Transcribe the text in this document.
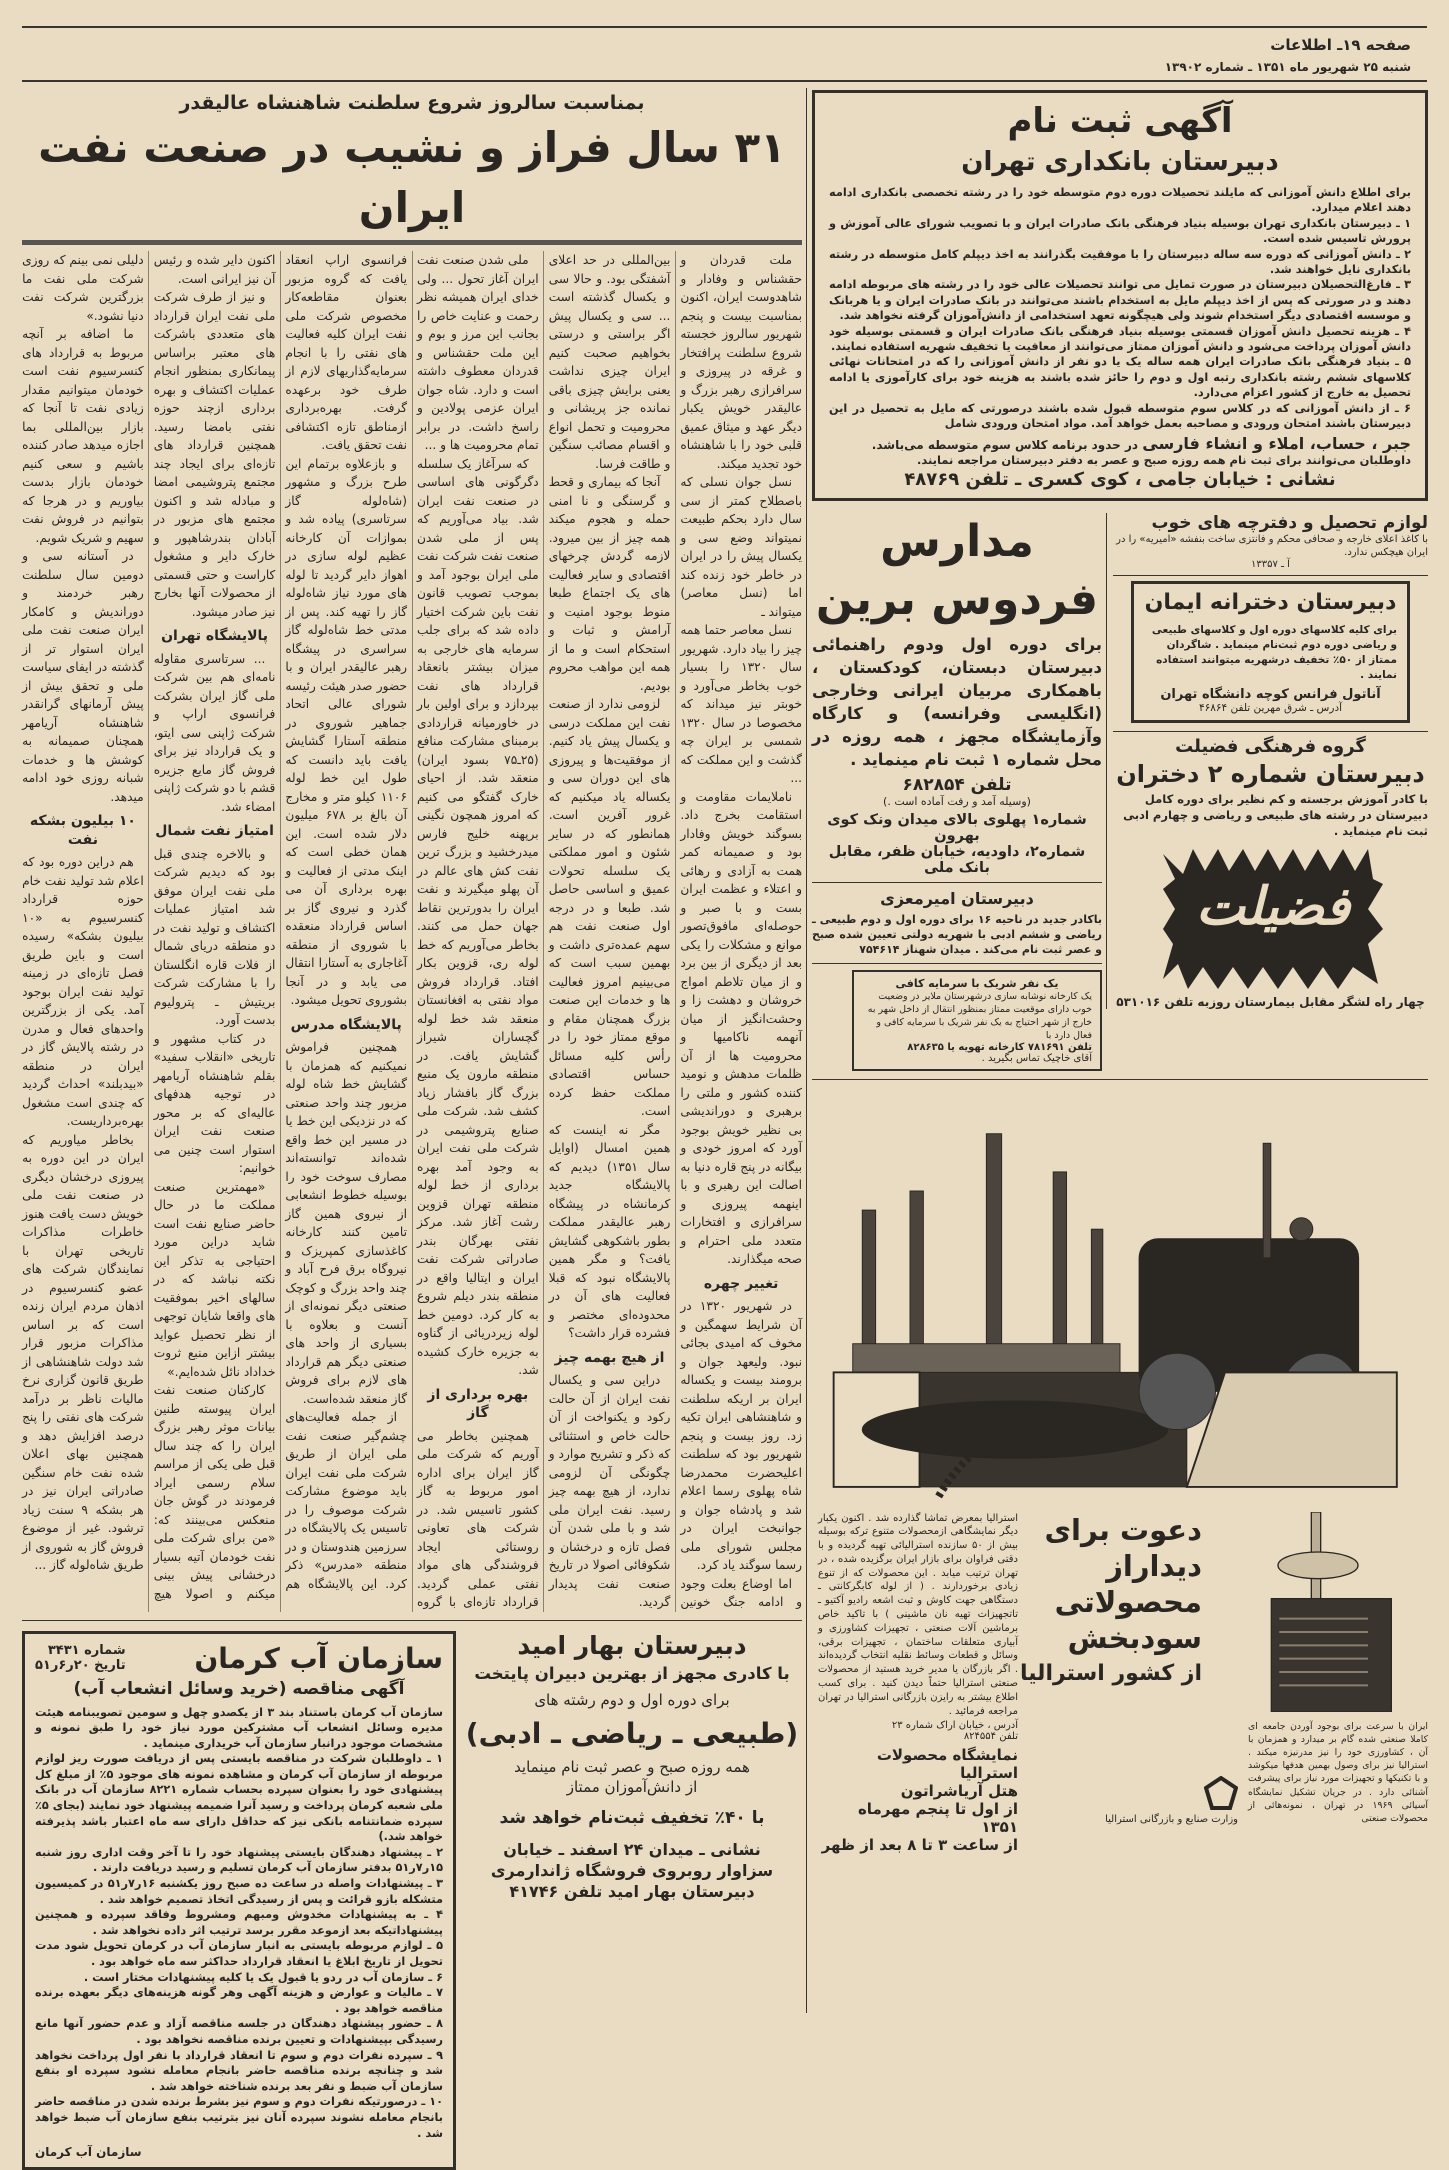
صفحه ۱۹ـ اطلاعات
شنبه ۲۵ شهریور ماه ۱۳۵۱ ـ شماره ۱۳۹۰۲
بمناسبت سالروز شروع سلطنت شاهنشاه عالیقدر
۳۱ سال فراز و نشیب در صنعت نفت ایران

ملت قدردان و حقشناس و وفادار و شاهدوست ایران، اکنون بمناسبت بیست و پنجم شهریور سالروز خجسته شروع سلطنت پرافتخار و غرقه در پیروزی و سرافرازی رهبر بزرگ و عالیقدر خویش یکبار دیگر عهد و میثاق عمیق قلبی خود را با شاهنشاه خود تجدید میکند.

نسل جوان نسلی که باصطلاح کمتر از سی سال دارد بحکم طبیعت نمیتواند وضع سی و یکسال پیش را در ایران در خاطر خود زنده کند اما (نسل معاصر) میتواند ـ

نسل معاصر حتما همه چیز را بیاد دارد. شهریور سال ۱۳۲۰ را بسیار خوب بخاطر می‌آورد و خوبتر نیز میداند که مخصوصا در سال ۱۳۲۰ شمسی بر ایران چه گذشت و این مملکت که ...

ناملایمات مقاومت و استقامت بخرج داد. بسوگند خویش وفادار بود و صمیمانه کمر همت به آزادی و رهائی و اعتلاء و عظمت ایران بست و با صبر و حوصله‌ای مافوق‌تصور موانع و مشکلات را یکی بعد از دیگری از بین برد و از میان تلاطم امواج خروشان و دهشت زا و وحشت‌انگیز از میان آنهمه ناکامیها و محرومیت ها از آن ظلمات مدهش و نومید کننده کشور و ملتی را برهبری و دوراندیشی بی نظیر خویش بوجود آورد که امروز خودی و بیگانه در پنج قاره دنیا به اصالت این رهبری و با اینهمه پیروزی و سرافرازی و افتخارات متعدد ملی احترام و صحه میگذارند.

تغییر چهره

در شهریور ۱۳۲۰ در آن شرایط سهمگین و مخوف که امیدی بجائی نبود. ولیعهد جوان و برومند بیست و یکساله ایران بر اریکه سلطنت و شاهنشاهی ایران تکیه زد. روز بیست و پنجم شهریور بود که سلطنت اعلیحضرت محمدرضا شاه پهلوی رسما اعلام شد و پادشاه جوان و جوانبخت ایران در مجلس شورای ملی رسما سوگند یاد کرد.

اما اوضاع بعلت وجود و ادامه جنگ خونین بین‌المللی در حد اعلای آشفتگی بود. و حالا سی و یکسال گذشته است ... سی و یکسال پیش اگر براستی و درستی بخواهیم صحبت کنیم ایران چیزی نداشت یعنی برایش چیزی باقی نمانده جز پریشانی و محرومیت و تحمل انواع و اقسام مصائب سنگین و طاقت فرسا.

آنجا که بیماری و قحط و گرسنگی و نا امنی حمله و هجوم میکند همه چیز از بین میرود. لازمه گردش چرخهای اقتصادی و سایر فعالیت های یک اجتماع طبعا منوط بوجود امنیت و آرامش و ثبات و استحکام است و ما از همه این مواهب محروم بودیم.

لزومی ندارد از صنعت نفت این مملکت درسی و یکسال پیش یاد کنیم. از موفقیت‌ها و پیروزی های این دوران سی و یکساله یاد میکنیم که غرور آفرین است. همانطور که در سایر شئون و امور مملکتی یک سلسله تحولات عمیق و اساسی حاصل شد. طبعا و در درجه اول صنعت نفت هم سهم عمده‌تری داشت و بهمین سبب است که می‌بینیم امروز فعالیت ها و خدمات این صنعت بزرگ همچنان مقام و موقع ممتاز خود را در رأس کلیه مسائل حساس اقتصادی مملکت حفظ کرده است.

مگر نه اینست که همین امسال (اوایل سال ۱۳۵۱) دیدیم که پالایشگاه جدید کرمانشاه در پیشگاه رهبر عالیقدر مملکت بطور باشکوهی گشایش یافت؟ و مگر همین پالایشگاه نبود که قبلا فعالیت های آن در محدوده‌ای مختصر و فشرده قرار داشت؟

از هیچ بهمه چیز

دراین سی و یکسال نفت ایران از آن حالت رکود و یکنواخت از آن حالت خاص و استثنائی که ذکر و تشریح موارد و چگونگی آن لزومی ندارد، از هیچ بهمه چیز رسید. نفت ایران ملی شد و با ملی شدن آن فصل تازه و درخشان و شکوفائی اصولا در تاریخ صنعت نفت پدیدار گردید.

ملی شدن صنعت نفت ایران آغاز تحول ... ولی خدای ایران همیشه نظر رحمت و عنایت خاص را بجانب این مرز و بوم و این ملت حقشناس و قدردان معطوف داشته است و دارد. شاه جوان ایران عزمی پولادین و راسخ داشت. در برابر تمام محرومیت ها و ...

که سرآغاز یک سلسله دگرگونی های اساسی در صنعت نفت ایران شد. بیاد می‌آوریم که پس از ملی شدن صنعت نفت شرکت نفت ملی ایران بوجود آمد و بموجب تصویب قانون نفت باین شرکت اختیار داده شد که برای جلب سرمایه های خارجی به میزان بیشتر بانعقاد قرارداد های نفت بپردازد و برای اولین بار در خاورمیانه قراردادی برمبنای مشارکت منافع (۲۵ـ۷۵ بسود ایران) منعقد شد. از احیای خارک گفتگو می کنیم که امروز همچون نگینی برپهنه خلیج فارس میدرخشید و بزرگ ترین نفت کش های عالم در آن پهلو میگیرند و نفت ایران را بدورترین نقاط جهان حمل می کنند. بخاطر می‌آوریم که خط لوله ری، قزوین بکار افتاد. قرارداد فروش مواد نفتی به افغانستان منعقد شد خط لوله گچساران شیراز گشایش یافت. در منطقه مارون یک منبع بزرگ گاز بافشار زیاد کشف شد. شرکت ملی صنایع پتروشیمی در شرکت ملی نفت ایران به وجود آمد بهره برداری از خط لوله منطقه تهران قزوین رشت آغاز شد. مرکز نفتی بهرگان بندر صادراتی شرکت نفت ایران و ایتالیا واقع در منطقه بندر دیلم شروع به کار کرد. دومین خط لوله زیردریائی از گناوه به جزیره خارک کشیده شد.

بهره برداری از گاز

همچنین بخاطر می آوریم که شرکت ملی گاز ایران برای اداره امور مربوط به گاز کشور تاسیس شد. در شرکت های تعاونی روستائی ایجاد فروشندگی های مواد نفتی عملی گردید. قرارداد تازه‌ای با گروه فرانسوی اراپ انعقاد یافت که گروه مزبور بعنوان مقاطعه‌کار مخصوص شرکت ملی نفت ایران کلیه فعالیت های نفتی را با انجام سرمایه‌گذاریهای لازم از طرف خود برعهده گرفت. بهره‌برداری ازمناطق تازه اکتشافی نفت تحقق یافت.

و بازعلاوه برتمام این طرح بزرگ و مشهور (شاه‌لوله گاز سرتاسری) پیاده شد و بموازات آن کارخانه عظیم لوله سازی در اهواز دایر گردید تا لوله های مورد نیاز شاه‌لوله گاز را تهیه کند. پس از مدتی خط شاه‌لوله گاز سراسری در پیشگاه رهبر عالیقدر ایران و با حضور صدر هیئت رئیسه شورای عالی اتحاد جماهیر شوروی در منطقه آستارا گشایش یافت باید دانست که طول این خط لوله ۱۱۰۶ کیلو متر و مخارج آن بالغ بر ۶۷۸ میلیون دلار شده است. این همان خطی است که اینک مدتی از فعالیت و بهره برداری آن می گذرد و نیروی گاز بر اساس قرارداد منعقده با شوروی از منطقه آغاجاری به آستارا انتقال می یابد و در آنجا بشوروی تحویل میشود.

پالایشگاه مدرس

همچنین فراموش نمیکنیم که همزمان با گشایش خط شاه لوله مزبور چند واحد صنعتی که در نزدیکی این خط یا در مسیر این خط واقع شده‌اند توانسته‌اند مصارف سوخت خود را بوسیله خطوط انشعابی از نیروی همین گاز تامین کنند کارخانه کاغذسازی کمپریزک و نیروگاه برق فرح آباد و چند واحد بزرگ و کوچک صنعتی دیگر نمونه‌ای از آنست و بعلاوه با بسیاری از واحد های صنعتی دیگر هم قرارداد های لازم برای فروش گاز منعقد شده‌است.

از جمله فعالیت‌های چشم‌گیر صنعت نفت ملی ایران از طریق شرکت ملی نفت ایران باید موضوع مشارکت شرکت موصوف را در تاسیس یک پالایشگاه در سرزمین هندوستان و در منطقه «مدرس» ذکر کرد. این پالایشگاه هم اکنون دایر شده و رئیس آن نیز ایرانی است.

و نیز از طرف شرکت ملی نفت ایران قرارداد های متعددی باشرکت های معتبر براساس پیمانکاری بمنظور انجام عملیات اکتشاف و بهره برداری ازچند حوزه نفتی بامضا رسید. همچنین قرارداد های تازه‌ای برای ایجاد چند مجتمع پتروشیمی امضا و مبادله شد و اکنون مجتمع های مزبور در آبادان بندرشاهپور و خارک دایر و مشغول کاراست و حتی قسمتی از محصولات آنها بخارج نیز صادر میشود.

پالایشگاه تهران

... سرتاسری مقاوله نامه‌ای هم بین شرکت ملی گاز ایران بشرکت فرانسوی اراپ و شرکت ژاپنی سی ایتو، و یک قرارداد نیز برای فروش گاز مایع جزیره قشم با دو شرکت ژاپنی امضاء شد.

امتیاز نفت شمال

و بالاخره چندی قبل بود که دیدیم شرکت ملی نفت ایران موفق شد امتیاز عملیات اکتشاف و تولید نفت در دو منطقه دریای شمال از فلات قاره انگلستان را با مشارکت شرکت بریتیش ـ پترولیوم بدست آورد.

در کتاب مشهور و تاریخی «انقلاب سفید» بقلم شاهنشاه آریامهر در توجیه هدفهای عالیه‌ای که بر محور صنعت نفت ایران استوار است چنین می خوانیم:

«مهمترین صنعت مملکت ما در حال حاضر صنایع نفت است شاید دراین مورد احتیاجی به تذکر این نکته نباشد که در سالهای اخیر بموفقیت های واقعا شایان توجهی از نظر تحصیل عواید بیشتر ازاین منبع ثروت خداداد نائل شده‌ایم.»

کارکنان صنعت نفت ایران پیوسته طنین بیانات موثر رهبر بزرگ ایران را که چند سال قبل طی یکی از مراسم سلام رسمی ایراد فرمودند در گوش جان منعکس می‌بینند که: «من برای شرکت ملی نفت خودمان آتیه بسیار درخشانی پیش بینی میکنم و اصولا هیچ دلیلی نمی بینم که روزی شرکت ملی نفت ما بزرگترین شرکت نفت دنیا نشود.»

ما اضافه بر آنچه مربوط به قرارداد های کنسرسیوم نفت است خودمان میتوانیم مقدار زیادی نفت تا آنجا که بازار بین‌المللی بما اجازه میدهد صادر کننده باشیم و سعی کنیم خودمان بازار بدست بیاوریم و در هرجا که بتوانیم در فروش نفت سهیم و شریک شویم.

در آستانه سی و دومین سال سلطنت رهبر خردمند و دوراندیش و کامکار ایران صنعت نفت ملی ایران استوار تر از گذشته در ایفای سیاست ملی و تحقق بیش از پیش آرمانهای گرانقدر شاهنشاه آریامهر همچنان صمیمانه به کوشش ها و خدمات شبانه روزی خود ادامه میدهد.

۱۰ بیلیون بشکه نفت

هم دراین دوره بود که اعلام شد تولید نفت خام حوزه قرارداد کنسرسیوم به «۱۰ بیلیون بشکه» رسیده است و باین طریق فصل تازه‌ای در زمینه تولید نفت ایران بوجود آمد. یکی از بزرگترین واحدهای فعال و مدرن در رشته پالایش گاز در ایران در منطقه «بیدبلند» احداث گردید که چندی است مشغول بهره‌برداریست.

بخاطر میاوریم که ایران در این دوره به پیروزی درخشان دیگری در صنعت نفت ملی خویش دست یافت هنوز خاطرات مذاکرات تاریخی تهران با نمایندگان شرکت های عضو کنسرسیوم در اذهان مردم ایران زنده است که بر اساس مذاکرات مزبور قرار شد دولت شاهنشاهی از طریق قانون گزاری نرخ مالیات ناظر بر درآمد شرکت های نفتی را پنج درصد افزایش دهد و همچنین بهای اعلان شده نفت خام سنگین صادراتی ایران نیز در هر بشکه ۹ سنت زیاد ترشود. غیر از موضوع فروش گاز به شوروی از طریق شاه‌لوله گاز ...

دبیرستان بهار امید
با کادری مجهز از بهترین دبیران پایتخت
برای دوره اول و دوم رشته های
(طبیعی ـ ریاضی ـ ادبی)
همه روزه صبح و عصر ثبت نام مینماید
از دانش‌آموزان ممتاز
با ۴۰٪ تخفیف ثبت‌نام خواهد شد
نشانی ـ میدان ۲۴ اسفند ـ خیابان
سزاوار روبروی فروشگاه ژاندارمری
دبیرستان بهار امید تلفن ۴۱۷۴۶
سازمان آب کرمان
شماره ۳۴۳۱
تاریخ ۲۰ر۶ر۵۱
آگهی مناقصه (خرید وسائل انشعاب آب)

سازمان آب کرمان باستناد بند ۳ از یکصدو چهل و سومین تصویبنامه هیئت مدیره وسائل انشعاب آب مشترکین مورد نیاز خود را طبق نمونه و مشخصات موجود درانبار سازمان آب خریداری مینماید .

۱ ـ داوطلبان شرکت در مناقصه بایستی پس از دریافت صورت ریز لوازم مربوطه از سازمان آب کرمان و مشاهده نمونه های موجود ۵٪ از مبلغ کل پیشنهادی خود را بعنوان سپرده بحساب شماره ۸۲۲۱ سازمان آب در بانک ملی شعبه کرمان پرداخت و رسید آنرا ضمیمه پیشنهاد خود نمایند (بجای ۵٪ سپرده ضمانتنامه بانکی نیز که حداقل دارای سه ماه اعتبار باشد پذیرفته خواهد شد.)

۲ ـ پیشنهاد دهندگان بایستی پیشنهاد خود را تا آخر وقت اداری روز شنبه ۱۵ر۷ر۵۱ بدفتر سازمان آب کرمان تسلیم و رسید دریافت دارند .

۳ ـ پیشنهادات واصله در ساعت ده صبح روز یکشنبه ۱۶ر۷ر۵۱ در کمیسیون متشکله بازو قرائت و پس از رسیدگی اتخاذ تصمیم خواهد شد .

۴ ـ به پیشنهادات مخدوش ومبهم ومشروط وفاقد سپرده و همچنین پیشنهاداتیکه بعد ازموعد مقرر برسد ترتیب اثر داده نخواهد شد .

۵ ـ لوازم مربوطه بایستی به انبار سازمان آب در کرمان تحویل شود مدت تحویل از تاریخ ابلاغ یا انعقاد قرارداد حداکثر سه ماه خواهد بود .

۶ ـ سازمان آب در ردو یا قبول یک یا کلیه پیشنهادات مختار است .

۷ ـ مالیات و عوارض و هزینه آگهی وهر گونه هزینه‌های دیگر بعهده برنده مناقصه خواهد بود .

۸ ـ حضور پیشنهاد دهندگان در جلسه مناقصه آزاد و عدم حضور آنها مانع رسیدگی بپیشنهادات و تعیین برنده مناقصه نخواهد بود .

۹ ـ سپرده نفرات دوم و سوم تا انعقاد قرارداد با نفر اول پرداخت نخواهد شد و چنانچه برنده مناقصه حاضر بانجام معامله نشود سپرده او بنفع سازمان آب ضبط و نفر بعد برنده شناخته خواهد شد .

۱۰ ـ درصورتیکه نفرات دوم و سوم نیز بشرط برنده شدن در مناقصه حاضر بانجام معامله نشوند سپرده آنان نیز بترتیب بنفع سازمان آب ضبط خواهد شد .

سازمان آب کرمان
آگهی ثبت نام
دبیرستان بانکداری تهران

برای اطلاع دانش آموزانی که مایلند تحصیلات دوره دوم متوسطه خود را در رشته تخصصی بانکداری ادامه دهند اعلام میدارد.

۱ ـ دبیرستان بانکداری تهران بوسیله بنیاد فرهنگی بانک صادرات ایران و با تصویب شورای عالی آموزش و پرورش تاسیس شده است.

۲ ـ دانش آموزانی که دوره سه ساله دبیرستان را با موفقیت بگذرانند به اخذ دیپلم کامل متوسطه در رشته بانکداری نایل خواهند شد.

۳ ـ فارغ‌التحصیلان دبیرستان در صورت تمایل می توانند تحصیلات عالی خود را در رشته های مربوطه ادامه دهند و در صورتی که پس از اخذ دیپلم مایل به استخدام باشند می‌توانند در بانک صادرات ایران و یا هربانک و موسسه اقتصادی دیگر استخدام شوند ولی هیچگونه تعهد استخدامی از دانش‌آموزان گرفته نخواهد شد.

۴ ـ هزینه تحصیل دانش آموزان قسمتی بوسیله بنیاد فرهنگی بانک صادرات ایران و قسمتی بوسیله خود دانش آموزان پرداخت می‌شود و دانش آموزان ممتاز می‌توانند از معافیت یا تخفیف شهریه استفاده نمایند.

۵ ـ بنیاد فرهنگی بانک صادرات ایران همه ساله یک یا دو نفر از دانش آموزانی را که در امتحانات نهائی کلاسهای ششم رشته بانکداری رتبه اول و دوم را حائز شده باشند به هزینه خود برای کارآموزی یا ادامه تحصیل به خارج از کشور اعزام می‌دارد.

۶ ـ از دانش آموزانی که در کلاس سوم متوسطه قبول شده باشند درصورتی که مایل به تحصیل در این دبیرستان باشند امتحان ورودی و مصاحبه بعمل خواهد آمد. مواد امتحان ورودی شامل

جبر ، حساب، املاء و انشاء فارسی در حدود برنامه کلاس سوم متوسطه می‌باشد.
داوطلبان می‌توانند برای ثبت نام همه روزه صبح و عصر به دفتر دبیرستان مراجعه نمایند.
نشانی : خیابان جامی ، کوی کسری ـ تلفن ۴۸۷۶۹
لوازم تحصیل و دفترچه های خوب
با کاغذ اعلای خارجه و صحافی محکم و فانتزی ساخت بنفشه «امیریه» را در ایران هیچکس ندارد.
آ ـ ۱۳۳۵۷
دبیرستان دخترانه ایمان
برای کلیه کلاسهای دوره اول و کلاسهای طبیعی و ریاضی دوره دوم ثبت‌نام مینماید . شاگردان ممتاز از ۵۰٪ تخفیف درشهریه میتوانند استفاده نمایند .
آناتول فرانس کوچه دانشگاه تهران
آدرس ـ شرق مهرین تلفن ۴۶۸۶۴
گروه فرهنگی فضیلت
دبیرستان شماره ۲ دختران
با کادر آموزش برجسته و کم نظیر برای دوره کامل دبیرستان در رشته های طبیعی و ریاضی و چهارم ادبی ثبت نام مینماید .
فضیلت
چهار راه لشگر مقابل بیمارستان روزبه تلفن ۵۳۱۰۱۶
مدارس
فردوس برین
برای دوره اول ودوم راهنمائی دبیرستان دبستان، کودکستان ، باهمکاری مربیان ایرانی وخارجی (انگلیسی وفرانسه) و کارگاه وآزمایشگاه مجهز ، همه روزه در محل شماره ۱ ثبت نام مینماید .
تلفن ۶۸۲۸۵۴
(وسیله آمد و رفت آماده است .)
شماره۱ پهلوی بالای میدان ونک کوی بهرون
شماره۲، داودیه، خیابان ظفر، مقابل بانک ملی
دبیرستان امیرمعزی
باکادر جدید در ناحیه ۱۶ برای دوره اول و دوم طبیعی ـ ریاضی و ششم ادبی با شهریه دولتی تعیین شده صبح و عصر ثبت نام می‌کند . میدان شهناز ۷۵۴۶۱۴
یک نفر شریک با سرمایه کافی
یک کارخانه نوشابه سازی درشهرستان ملایر در وضعیت خوب دارای موقعیت ممتاز بمنظور انتقال از داخل شهر به خارج از شهر احتیاج به یک نفر شریک با سرمایه کافی و فعال دارد با
تلفن ۷۸۱۶۹۱ کارخانه تهویه یا ۸۲۸۶۳۵
آقای خاچیک تماس بگیرید .
دعوت برای
دیداراز
محصولاتی
سودبخش
از کشور استرالیا
ایران با سرعت برای بوجود آوردن جامعه ای کاملا صنعتی شده گام بر میدارد و همزمان با آن ، کشاورزی خود را نیز مدرنیزه میکند . استرالیا نیز برای وصول بهمین هدفها میکوشد و با تکنیکها و تجهیزات مورد نیاز برای پیشرفت آشنائی دارد . در جریان تشکیل نمایشگاه آسیائی ۱۹۶۹ در تهران ، نمونه‌هائی از محصولات صنعتی
وزارت صنایع و بازرگانی استرالیا
استرالیا بمعرض تماشا گذارده شد . اکنون یکبار دیگر نمایشگاهی ازمحصولات متنوع ترکه بوسیله بیش از ۵۰ سازنده استرالیائی تهیه گردیده و با دقتی فراوان برای بازار ایران برگزیده شده ، در تهران ترتیب میابد . این محصولات که از تنوع زیادی برخوردارند . ( از لوله کابگرکانتی ـ دستگاهی جهت کاوش و ثبت اشعه رادیو آکتیو ـ تاتجهیزات تهیه نان ماشینی ) با تاکید خاص برماشین آلات صنعتی ، تجهیزات کشاورزی و آبیاری متعلقات ساختمان ، تجهیزات برقی، وسائل و قطعات وسائط نقلیه انتخاب گردیده‌اند . اگر بازرگان یا مدیر خرید هستید از محصولات صنعتی استرالیا حتماً دیدن کنید . برای کسب اطلاع بیشتر به رایزن بازرگانی استرالیا در تهران مراجعه فرمائید .
آدرس ، خیابان اراک شماره ۲۳
تلفن ۸۲۴۵۵۴
نمایشگاه محصولات استرالیا
هتل آریاشراتون
از اول تا پنجم مهرماه ۱۳۵۱
از ساعت ۳ تا ۸ بعد از ظهر
